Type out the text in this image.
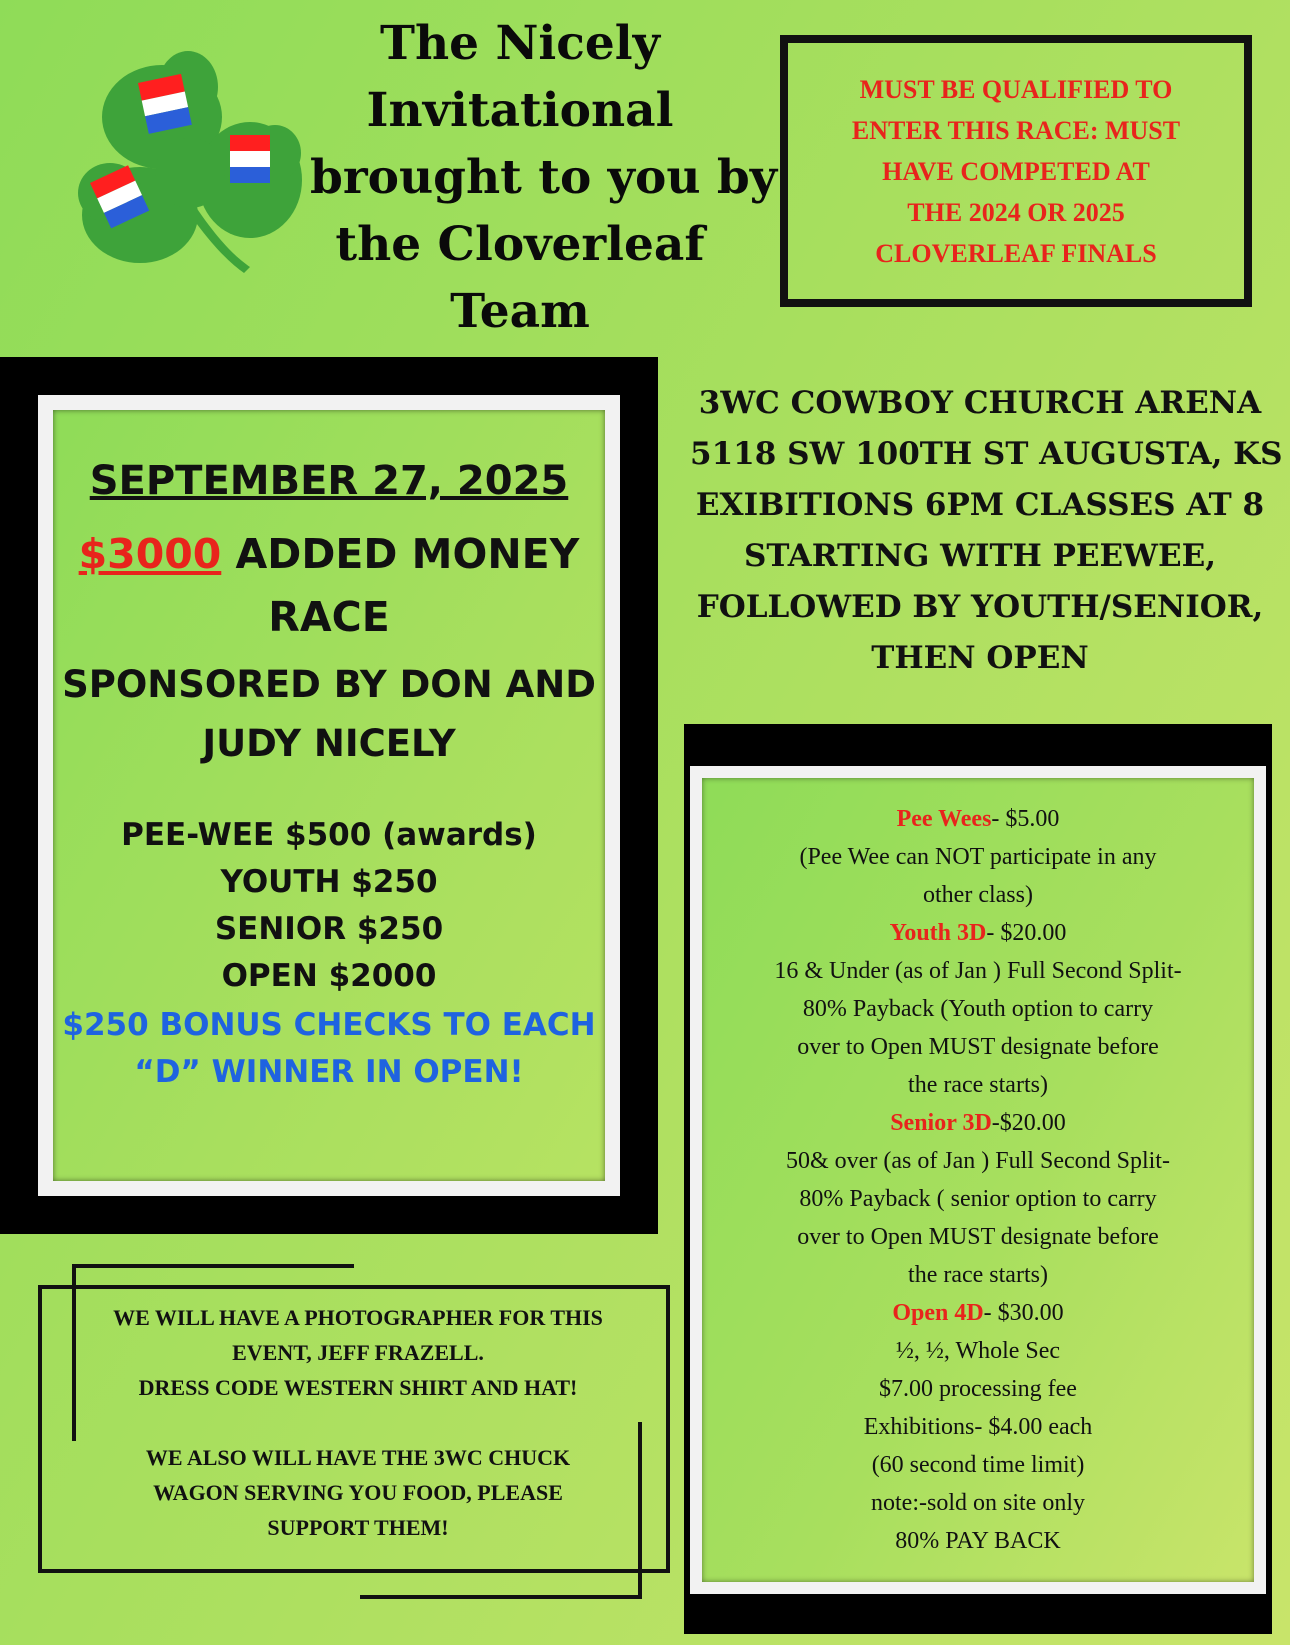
The Nicely
Invitational
brought to you by
the Cloverleaf
Team
MUST BE QUALIFIED TO
ENTER THIS RACE: MUST
HAVE COMPETED AT
THE 2024 OR 2025
CLOVERLEAF FINALS
SEPTEMBER 27, 2025
$3000 ADDED MONEY
RACE
SPONSORED BY DON AND
JUDY NICELY
PEE-WEE $500 (awards)
YOUTH $250
SENIOR $250
OPEN $2000
$250 BONUS CHECKS TO EACH
“D” WINNER IN OPEN!
3WC COWBOY CHURCH ARENA
5118 SW 100TH ST AUGUSTA, KS
EXIBITIONS 6PM CLASSES AT 8
STARTING WITH PEEWEE,
FOLLOWED BY YOUTH/SENIOR,
THEN OPEN
WE WILL HAVE A PHOTOGRAPHER FOR THIS
EVENT, JEFF FRAZELL.
DRESS CODE WESTERN SHIRT AND HAT!
WE ALSO WILL HAVE THE 3WC CHUCK
WAGON SERVING YOU FOOD, PLEASE
SUPPORT THEM!
Pee Wees- $5.00
(Pee Wee can NOT participate in any
other class)
Youth 3D- $20.00
16 & Under (as of Jan ) Full Second Split-
80% Payback (Youth option to carry
over to Open MUST designate before
the race starts)
Senior 3D-$20.00
50& over (as of Jan ) Full Second Split-
80% Payback ( senior option to carry
over to Open MUST designate before
the race starts)
Open 4D- $30.00
½, ½, Whole Sec
$7.00 processing fee
Exhibitions- $4.00 each
(60 second time limit)
note:-sold on site only
80% PAY BACK
